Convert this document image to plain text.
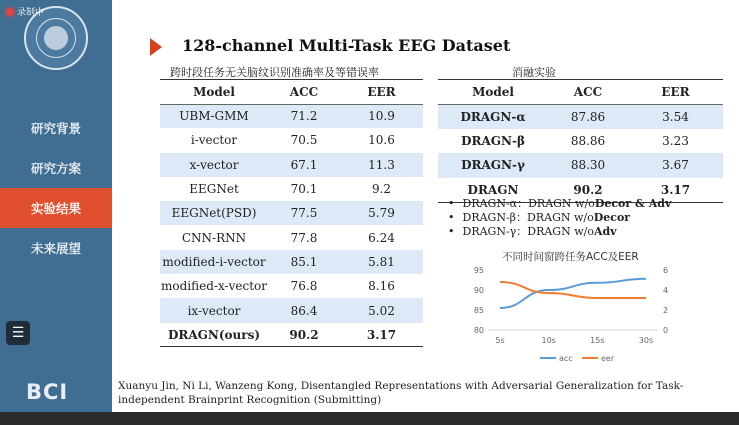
录制中
研究背景
研究方案
实验结果
未来展望
☰
BCI
128-channel Multi-Task EEG Dataset
跨时段任务无关脑纹识别准确率及等错误率	消融实验
Model	ACC	EER
UBM-GMM	71.2	10.9
i-vector	70.5	10.6
x-vector	67.1	11.3
EEGNet	70.1	9.2
EEGNet(PSD)	77.5	5.79
CNN-RNN	77.8	6.24
modified-i-vector	85.1	5.81
modified-x-vector	76.8	8.16
ix-vector	86.4	5.02
DRAGN(ours)	90.2	3.17
Model	ACC	EER
DRAGN-α	87.86	3.54
DRAGN-β	88.86	3.23
DRAGN-γ	88.30	3.67
DRAGN	90.2	3.17
• DRAGN-α：DRAGN w/o Decor & Adv
• DRAGN-β：DRAGN w/o Decor
• DRAGN-γ：DRAGN w/o Adv
不同时间窗跨任务ACC及EER
80
85
90
95
0
2
4
6
5s	10s	15s	30s
acc	eer
Xuanyu Jin, Ni Li, Wanzeng Kong, Disentangled Representations with Adversarial Generalization for Task-independent Brainprint Recognition (Submitting)
